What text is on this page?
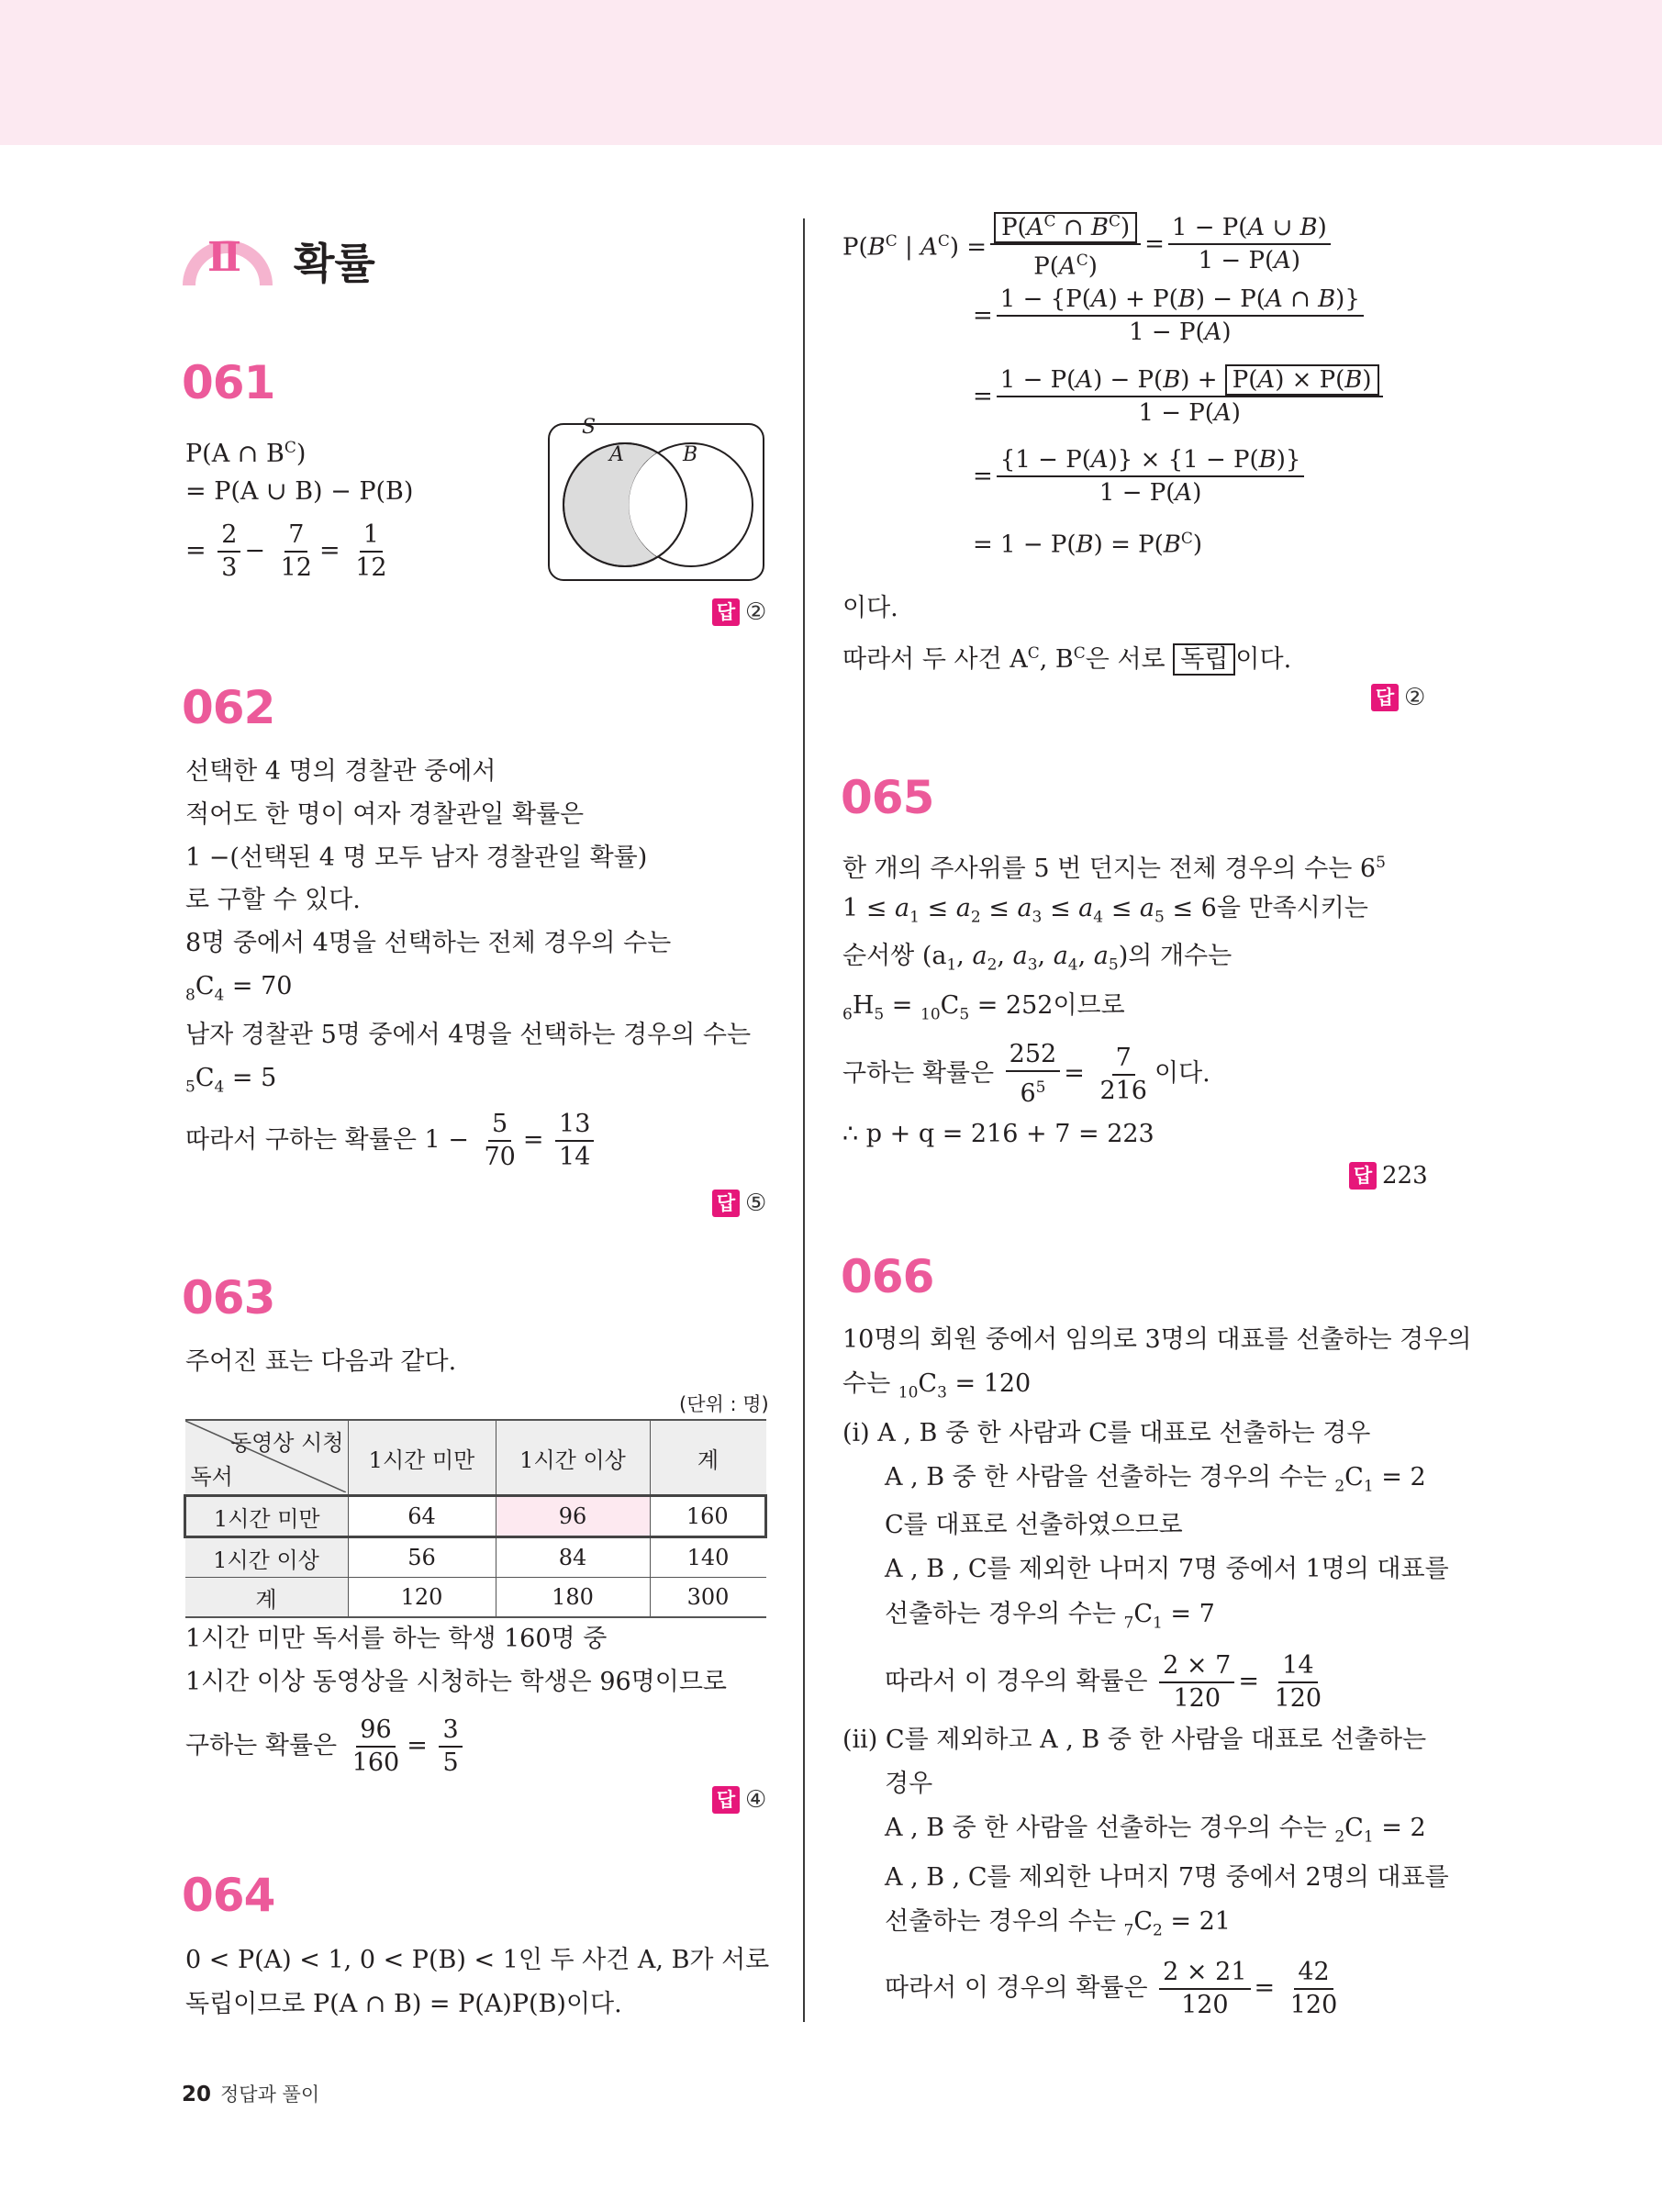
Ⅱ 확률
061
P(A ∩ $B^C$)
= P(A ∪ B) − P(B)
= $\frac{2}{3} - \frac{7}{12} = \frac{1}{12}$
S
A	B
답 ②
062
선택한 4 명의 경찰관 중에서
적어도 한 명이 여자 경찰관일 확률은
1 −(선택된 4 명 모두 남자 경찰관일 확률)
로 구할 수 있다.
8명 중에서 4명을 선택하는 전체 경우의 수는
$_8C_4 = 70$
남자 경찰관 5명 중에서 4명을 선택하는 경우의 수는
$_5C_4 = 5$
따라서 구하는 확률은 $1 - \frac{5}{70} = \frac{13}{14}$
답 ⑤
063
주어진 표는 다음과 같다.
(단위 : 명)
동영상 시청
독서	1시간 미만	1시간 이상	계
1시간 미만	64	96	160
1시간 이상	56	84	140
계	120	180	300
1시간 미만 독서를 하는 학생 160명 중
1시간 이상 동영상을 시청하는 학생은 96명이므로
구하는 확률은 $\frac{96}{160} = \frac{3}{5}$
답 ④
064
0 < P(A) < 1, 0 < P(B) < 1인 두 사건 A, B가 서로
독립이므로 P(A ∩ B) = P(A)P(B)이다.
$P(B^C$ | $A^C) = \frac{P(A^C \cap B^C)}{P(A^C)} = \frac{1 - P(A \cup B)}{1 - P(A)}$
= $\frac{1 - \{P(A) + P(B) - P(A \cap B)\}}{1 - P(A)}$
= $\frac{1 - P(A) - P(B) + P(A) \times P(B)}{1 - P(A)}$
= $\frac{\{1 - P(A)\} \times \{1 - P(B)\}}{1 - P(A)}$
= $1 - P(B) = P(B^C)$
이다.
따라서 두 사건 $A^C$, $B^C$은 서로 독립 이다.
답 ②
065
한 개의 주사위를 5 번 던지는 전체 경우의 수는 $6^5$
$1 \le a_1 \le a_2 \le a_3 \le a_4 \le a_5 \le 6$을 만족시키는
순서쌍 ($a_1$, $a_2$, $a_3$, $a_4$, $a_5$)의 개수는
$_6H_5 = _{10}C_5 = 252$이므로
구하는 확률은 $\frac{252}{6^5} = \frac{7}{216}$ 이다.
∴ p + q = 216 + 7 = 223
답 223
066
10명의 회원 중에서 임의로 3명의 대표를 선출하는 경우의
수는 $_{10}C_3 = 120$
(ⅰ) A , B 중 한 사람과 C를 대표로 선출하는 경우
A , B 중 한 사람을 선출하는 경우의 수는 $_2C_1 = 2$
C를 대표로 선출하였으므로
A , B , C를 제외한 나머지 7명 중에서 1명의 대표를
선출하는 경우의 수는 $_7C_1 = 7$
따라서 이 경우의 확률은 $\frac{2 \times 7}{120} = \frac{14}{120}$
(ⅱ) C를 제외하고 A , B 중 한 사람을 대표로 선출하는
경우
A , B 중 한 사람을 선출하는 경우의 수는 $_2C_1 = 2$
A , B , C를 제외한 나머지 7명 중에서 2명의 대표를
선출하는 경우의 수는 $_7C_2 = 21$
따라서 이 경우의 확률은 $\frac{2 \times 21}{120} = \frac{42}{120}$
20 정답과 풀이
